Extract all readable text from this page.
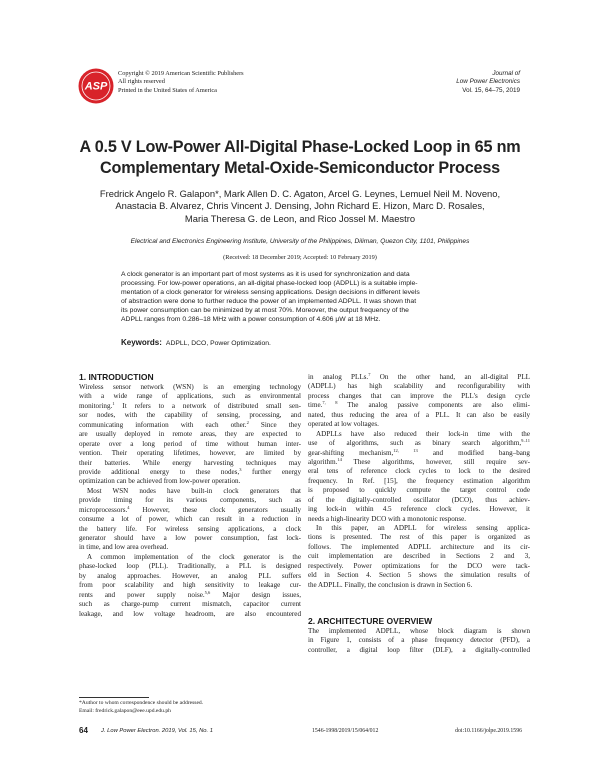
ASP
Copyright © 2019 American Scientific Publishers
All rights reserved
Printed in the United States of America
Journal of
Low Power Electronics
Vol. 15, 64–75, 2019
A 0.5 V Low-Power All-Digital Phase-Locked Loop in 65 nm
Complementary Metal-Oxide-Semiconductor Process
Fredrick Angelo R. Galapon*, Mark Allen D. C. Agaton, Arcel G. Leynes, Lemuel Neil M. Noveno,
Anastacia B. Alvarez, Chris Vincent J. Densing, John Richard E. Hizon, Marc D. Rosales,
Maria Theresa G. de Leon, and Rico Jossel M. Maestro
Electrical and Electronics Engineering Institute, University of the Philippines, Diliman, Quezon City, 1101, Philippines
(Received: 18 December 2019; Accepted: 10 February 2019)
A clock generator is an important part of most systems as it is used for synchronization and data
processing. For low-power operations, an all-digital phase-locked loop (ADPLL) is a suitable imple-
mentation of a clock generator for wireless sensing applications. Design decisions in different levels
of abstraction were done to further reduce the power of an implemented ADPLL. It was shown that
its power consumption can be minimized by at most 70%. Moreover, the output frequency of the
ADPLL ranges from 0.286–18 MHz with a power consumption of 4.606 μW at 18 MHz.
Keywords: ADPLL, DCO, Power Optimization.
1. INTRODUCTION
2. ARCHITECTURE OVERVIEW
Wireless sensor network (WSN) is an emerging technology
with a wide range of applications, such as environmental
monitoring.$^1$ It refers to a network of distributed small sen-
sor nodes, with the capability of sensing, processing, and
communicating information with each other.$^2$ Since they
are usually deployed in remote areas, they are expected to
operate over a long period of time without human inter-
vention. Their operating lifetimes, however, are limited by
their batteries. While energy harvesting techniques may
provide additional energy to these nodes,$^3$ further energy
optimization can be achieved from low-power operation.
Most WSN nodes have built-in clock generators that
provide timing for its various components, such as
microprocessors.$^4$ However, these clock generators usually
consume a lot of power, which can result in a reduction in
the battery life. For wireless sensing applications, a clock
generator should have a low power consumption, fast lock-
in time, and low area overhead.
A common implementation of the clock generator is the
phase-locked loop (PLL). Traditionally, a PLL is designed
by analog approaches. However, an analog PLL suffers
from poor scalability and high sensitivity to leakage cur-
rents and power supply noise.$^{5,6}$ Major design issues,
such as charge-pump current mismatch, capacitor current
leakage, and low voltage headroom, are also encountered
in analog PLLs.$^7$ On the other hand, an all-digital PLL
(ADPLL) has high scalability and reconfigurability with
process changes that can improve the PLL's design cycle
time.$^{7, 8}$ The analog passive components are also elimi-
nated, thus reducing the area of a PLL. It can also be easily
operated at low voltages.
ADPLLs have also reduced their lock-in time with the
use of algorithms, such as binary search algorithm,$^{9-11}$
gear-shifting mechanism,$^{12, 13}$ and modified bang–bang
algorithm.$^{14}$ These algorithms, however, still require sev-
eral tens of reference clock cycles to lock to the desired
frequency. In Ref. [15], the frequency estimation algorithm
is proposed to quickly compute the target control code
of the digitally-controlled oscillator (DCO), thus achiev-
ing lock-in within 4.5 reference clock cycles. However, it
needs a high-linearity DCO with a monotonic response.
In this paper, an ADPLL for wireless sensing applica-
tions is presented. The rest of this paper is organized as
follows. The implemented ADPLL architecture and its cir-
cuit implementation are described in Sections 2 and 3,
respectively. Power optimizations for the DCO were tack-
eld in Section 4. Section 5 shows the simulation results of
the ADPLL. Finally, the conclusion is drawn in Section 6.
The implemented ADPLL, whose block diagram is shown
in Figure 1, consists of a phase frequency detector (PFD), a
controller, a digital loop filter (DLF), a digitally-controlled
*Author to whom correspondence should be addressed.
Email: fredrick.galapon@eee.upd.edu.ph
64 J. Low Power Electron. 2019, Vol. 15, No. 1	1546-1998/2019/15/064/012	doi:10.1166/jolpe.2019.1596
